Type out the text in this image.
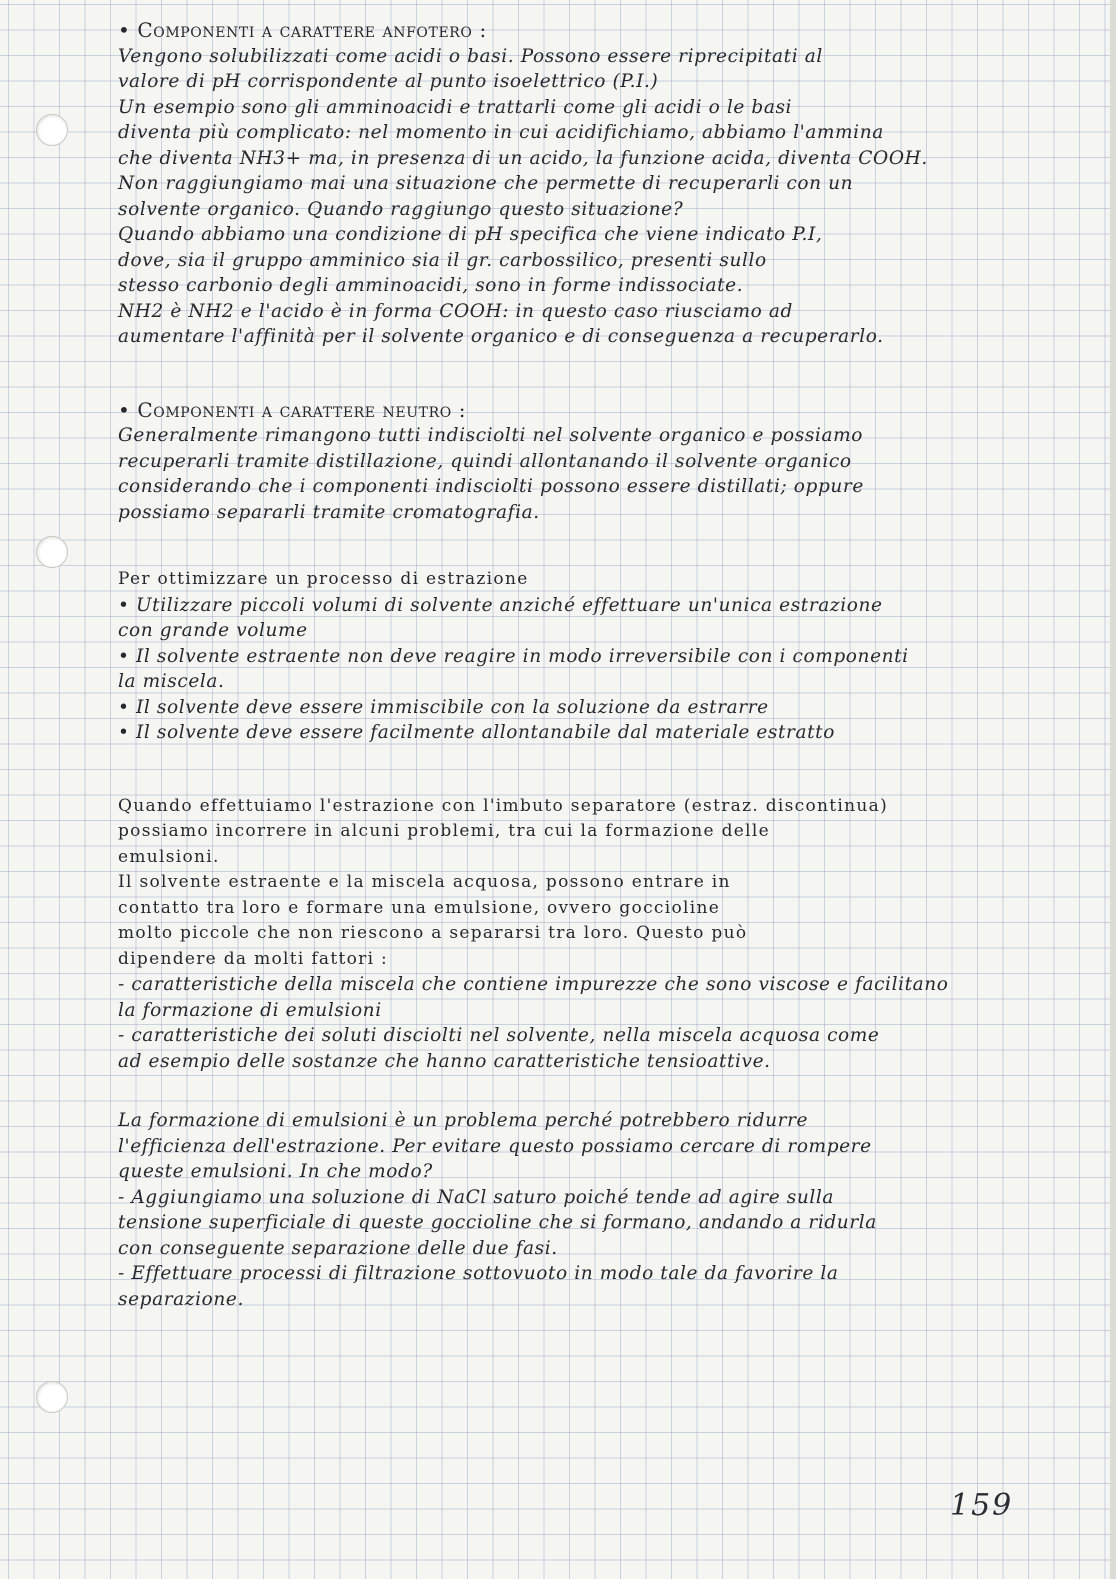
• Componenti a carattere anfotero :
Vengono solubilizzati come acidi o basi. Possono essere riprecipitati al
valore di pH corrispondente al punto isoelettrico (P.I.)
Un esempio sono gli amminoacidi e trattarli come gli acidi o le basi
diventa più complicato: nel momento in cui acidifichiamo, abbiamo l'ammina
che diventa NH3+ ma, in presenza di un acido, la funzione acida, diventa COOH.
Non raggiungiamo mai una situazione che permette di recuperarli con un
solvente organico. Quando raggiungo questo situazione?
Quando abbiamo una condizione di pH specifica che viene indicato P.I,
dove, sia il gruppo amminico sia il gr. carbossilico, presenti sullo
stesso carbonio degli amminoacidi, sono in forme indissociate.
NH2 è NH2 e l'acido è in forma COOH: in questo caso riusciamo ad
aumentare l'affinità per il solvente organico e di conseguenza a recuperarlo.
• Componenti a carattere neutro :
Generalmente rimangono tutti indisciolti nel solvente organico e possiamo
recuperarli tramite distillazione, quindi allontanando il solvente organico
considerando che i componenti indisciolti possono essere distillati; oppure
possiamo separarli tramite cromatografia.
Per ottimizzare un processo di estrazione
• Utilizzare piccoli volumi di solvente anziché effettuare un'unica estrazione
con grande volume
• Il solvente estraente non deve reagire in modo irreversibile con i componenti
la miscela.
• Il solvente deve essere immiscibile con la soluzione da estrarre
• Il solvente deve essere facilmente allontanabile dal materiale estratto
Quando effettuiamo l'estrazione con l'imbuto separatore (estraz. discontinua)
possiamo incorrere in alcuni problemi, tra cui la formazione delle
emulsioni.
Il solvente estraente e la miscela acquosa, possono entrare in
contatto tra loro e formare una emulsione, ovvero goccioline
molto piccole che non riescono a separarsi tra loro. Questo può
dipendere da molti fattori :
- caratteristiche della miscela che contiene impurezze che sono viscose e facilitano
la formazione di emulsioni
- caratteristiche dei soluti disciolti nel solvente, nella miscela acquosa come
ad esempio delle sostanze che hanno caratteristiche tensioattive.
La formazione di emulsioni è un problema perché potrebbero ridurre
l'efficienza dell'estrazione. Per evitare questo possiamo cercare di rompere
queste emulsioni. In che modo?
- Aggiungiamo una soluzione di NaCl saturo poiché tende ad agire sulla
tensione superficiale di queste goccioline che si formano, andando a ridurla
con conseguente separazione delle due fasi.
- Effettuare processi di filtrazione sottovuoto in modo tale da favorire la
separazione.
159
